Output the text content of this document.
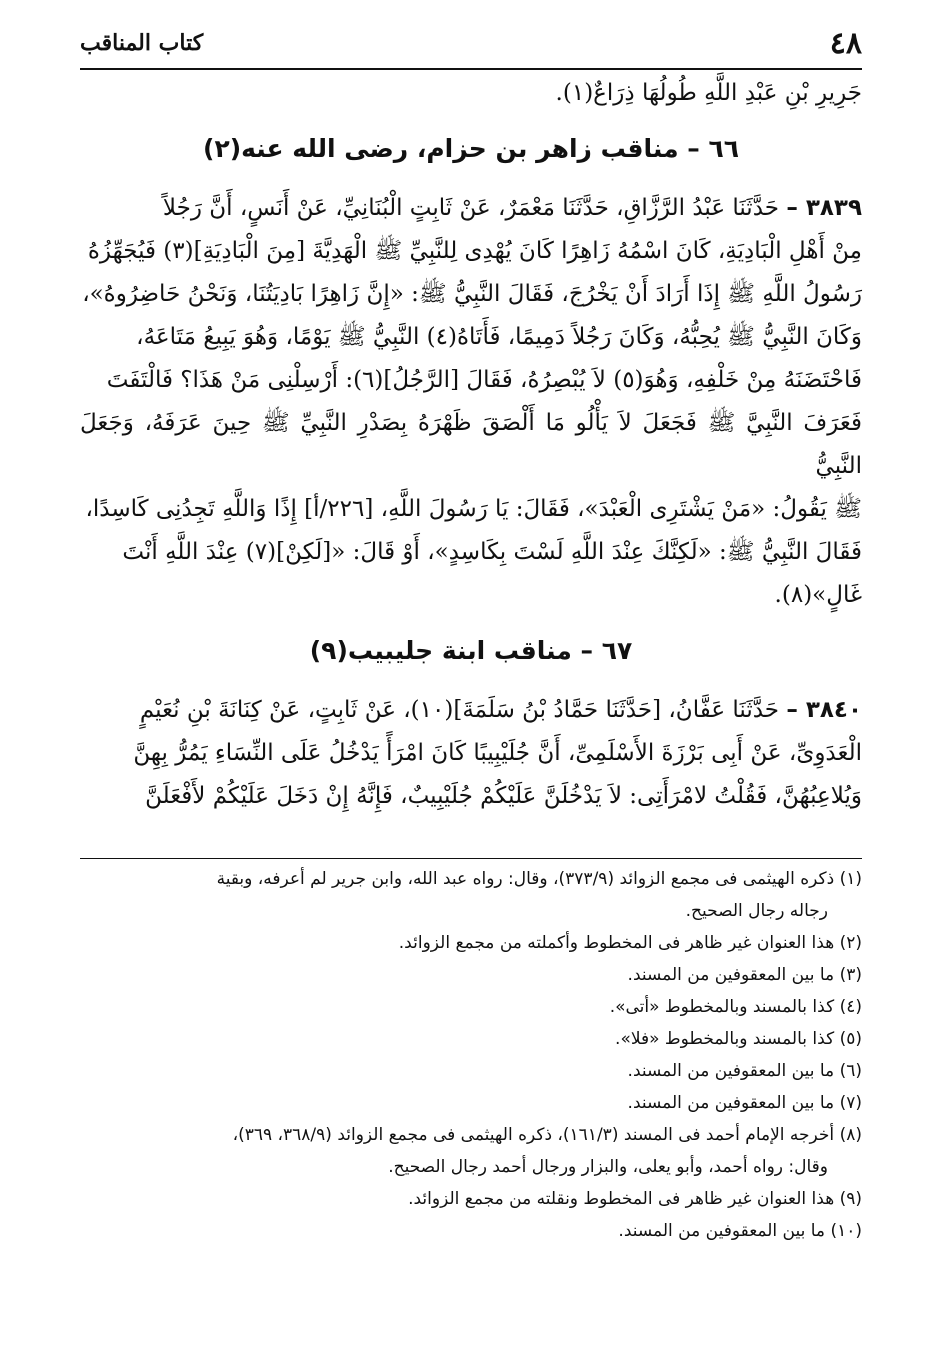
٤٨
كتاب المناقب

جَرِيرِ بْنِ عَبْدِ اللَّهِ طُولُهَا ذِرَاعٌ(١).

٦٦ – مناقب زاهر بن حزام، رضى الله عنه(٢)

٣٨٣٩ – حَدَّثَنَا عَبْدُ الرَّزَّاقِ، حَدَّثَنَا مَعْمَرٌ، عَنْ ثَابِتٍ الْبُنَانِيِّ، عَنْ أَنَسٍ، أَنَّ رَجُلاً

مِنْ أَهْلِ الْبَادِيَةِ، كَانَ اسْمُهُ زَاهِرًا كَانَ يُهْدِى لِلنَّبِيِّ ﷺ الْهَدِيَّةَ [مِنَ الْبَادِيَةِ](٣) فَيُجَهِّزُهُ

رَسُولُ اللَّهِ ﷺ إِذَا أَرَادَ أَنْ يَخْرُجَ، فَقَالَ النَّبِيُّ ﷺ: «إِنَّ زَاهِرًا بَادِيَتُنَا، وَنَحْنُ حَاضِرُوهُ»،

وَكَانَ النَّبِيُّ ﷺ يُحِبُّهُ، وَكَانَ رَجُلاً دَمِيمًا، فَأَتَاهُ(٤) النَّبِيُّ ﷺ يَوْمًا، وَهُوَ يَبِيعُ مَتَاعَهُ،

فَاحْتَضَنَهُ مِنْ خَلْفِهِ، وَهُوَ(٥) لاَ يُبْصِرُهُ، فَقَالَ [الرَّجُلُ](٦): أَرْسِلْنِى مَنْ هَذَا؟ فَالْتَفَتَ

فَعَرَفَ النَّبِيَّ ﷺ فَجَعَلَ لاَ يَأْلُو مَا أَلْصَقَ ظَهْرَهُ بِصَدْرِ النَّبِيِّ ﷺ حِينَ عَرَفَهُ، وَجَعَلَ النَّبِيُّ

ﷺ يَقُولُ: «مَنْ يَشْتَرِى الْعَبْدَ»، فَقَالَ: يَا رَسُولَ اللَّهِ، [٢٢٦/أ] إِذًا وَاللَّهِ تَجِدُنِى كَاسِدًا،

فَقَالَ النَّبِيُّ ﷺ: «لَكِنَّكَ عِنْدَ اللَّهِ لَسْتَ بِكَاسِدٍ»، أَوْ قَالَ: «[لَكِنْ](٧) عِنْدَ اللَّهِ أَنْتَ

غَالٍ»(٨).

٦٧ – مناقب ابنة جليبيب(٩)

٣٨٤٠ – حَدَّثَنَا عَفَّانُ، [حَدَّثَنَا حَمَّادُ بْنُ سَلَمَةَ](١٠)، عَنْ ثَابِتٍ، عَنْ كِنَانَةَ بْنِ نُعَيْمٍ

الْعَدَوِىِّ، عَنْ أَبِى بَرْزَةَ الأَسْلَمِىِّ، أَنَّ جُلَيْبِيبًا كَانَ امْرَأً يَدْخُلُ عَلَى النِّسَاءِ يَمُرُّ بِهِنَّ

وَيُلاعِبُهُنَّ، فَقُلْتُ لامْرَأَتِى: لاَ يَدْخُلَنَّ عَلَيْكُمْ جُلَيْبِيبٌ، فَإِنَّهُ إِنْ دَخَلَ عَلَيْكُمْ لأَفْعَلَنَّ

(١) ذكره الهيثمى فى مجمع الزوائد (٣٧٣/٩)، وقال: رواه عبد الله، وابن جرير لم أعرفه، وبقية

رجاله رجال الصحيح.

(٢) هذا العنوان غير ظاهر فى المخطوط وأكملته من مجمع الزوائد.

(٣) ما بين المعقوفين من المسند.

(٤) كذا بالمسند وبالمخطوط «أتى».

(٥) كذا بالمسند وبالمخطوط «فلا».

(٦) ما بين المعقوفين من المسند.

(٧) ما بين المعقوفين من المسند.

(٨) أخرجه الإمام أحمد فى المسند (١٦١/٣)، ذكره الهيثمى فى مجمع الزوائد (٣٦٨/٩، ٣٦٩)،

وقال: رواه أحمد، وأبو يعلى، والبزار ورجال أحمد رجال الصحيح.

(٩) هذا العنوان غير ظاهر فى المخطوط ونقلته من مجمع الزوائد.

(١٠) ما بين المعقوفين من المسند.
